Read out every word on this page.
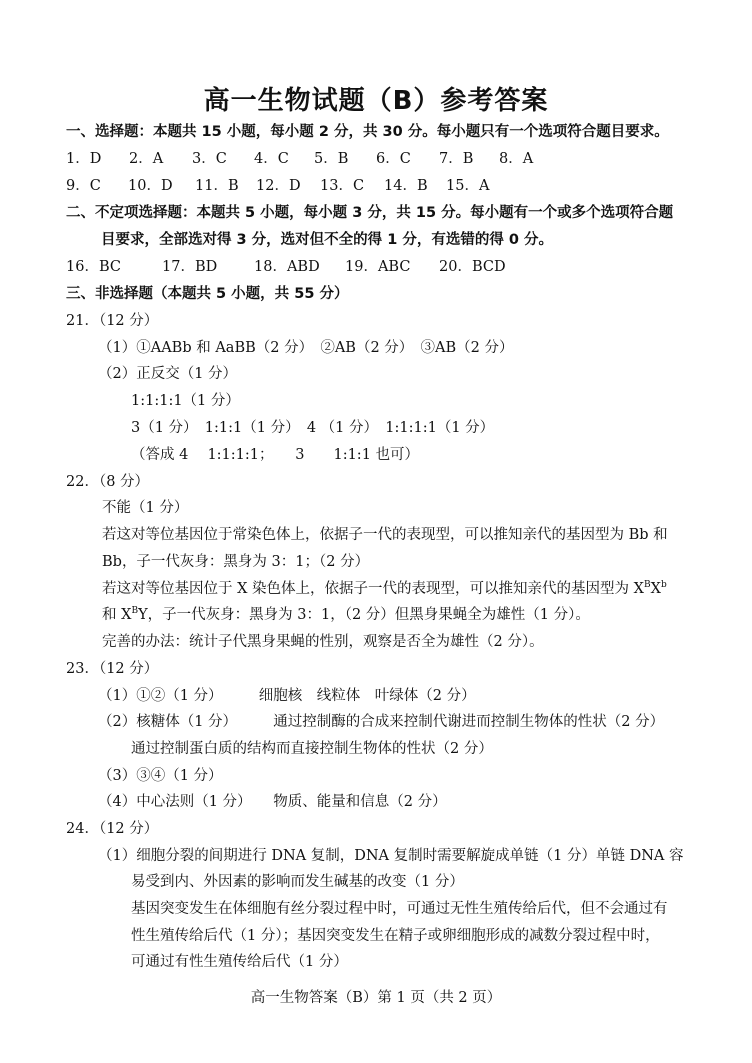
高一生物试题（B）参考答案
一、选择题：本题共 15 小题，每小题 2 分，共 30 分。每小题只有一个选项符合题目要求。
1．D 2．A 3．C 4．C 5．B 6．C 7．B 8．A
9．C 10．D 11．B 12．D 13．C 14．B 15．A
二、不定项选择题：本题共 5 小题，每小题 3 分，共 15 分。每小题有一个或多个选项符合题
目要求，全部选对得 3 分，选对但不全的得 1 分，有选错的得 0 分。
16．BC	17．BD	18．ABD 19．ABC 20．BCD
三、非选择题（本题共 5 小题，共 55 分）
21．（12 分）
（1）①AABb 和 AaBB（2 分）　②AB（2 分）　③AB（2 分）
（2）正反交（1 分）
1:1:1:1（1 分）
3（1 分）　1:1:1（1 分）　4 （1 分）　1:1:1:1（1 分）
（答成 4　 1:1:1:1；　　3　　1:1:1 也可）
22．（8 分）
不能（1 分）
若这对等位基因位于常染色体上，依据子一代的表现型，可以推知亲代的基因型为 Bb 和
Bb，子一代灰身：黑身为 3：1；（2 分）
若这对等位基因位于 X 染色体上，依据子一代的表现型，可以推知亲代的基因型为 $X^BX^b$
和 $X^BY$，子一代灰身：黑身为 3：1，（2 分）但黑身果蝇全为雄性（1 分）。
完善的办法：统计子代黑身果蝇的性别，观察是否全为雄性（2 分）。
23．（12 分）
（1）①②（1 分）　　　细胞核　线粒体　叶绿体（2 分）
（2）核糖体（1 分）　　　通过控制酶的合成来控制代谢进而控制生物体的性状（2 分）
通过控制蛋白质的结构而直接控制生物体的性状（2 分）
（3）③④（1 分）
（4）中心法则（1 分）　　物质、能量和信息（2 分）
24．（12 分）
（1）细胞分裂的间期进行 DNA 复制，DNA 复制时需要解旋成单链（1 分）单链 DNA 容
易受到内、外因素的影响而发生碱基的改变（1 分）
基因突变发生在体细胞有丝分裂过程中时，可通过无性生殖传给后代，但不会通过有
性生殖传给后代（1 分）；基因突变发生在精子或卵细胞形成的减数分裂过程中时，
可通过有性生殖传给后代（1 分）
高一生物答案（B）第 1 页（共 2 页）
